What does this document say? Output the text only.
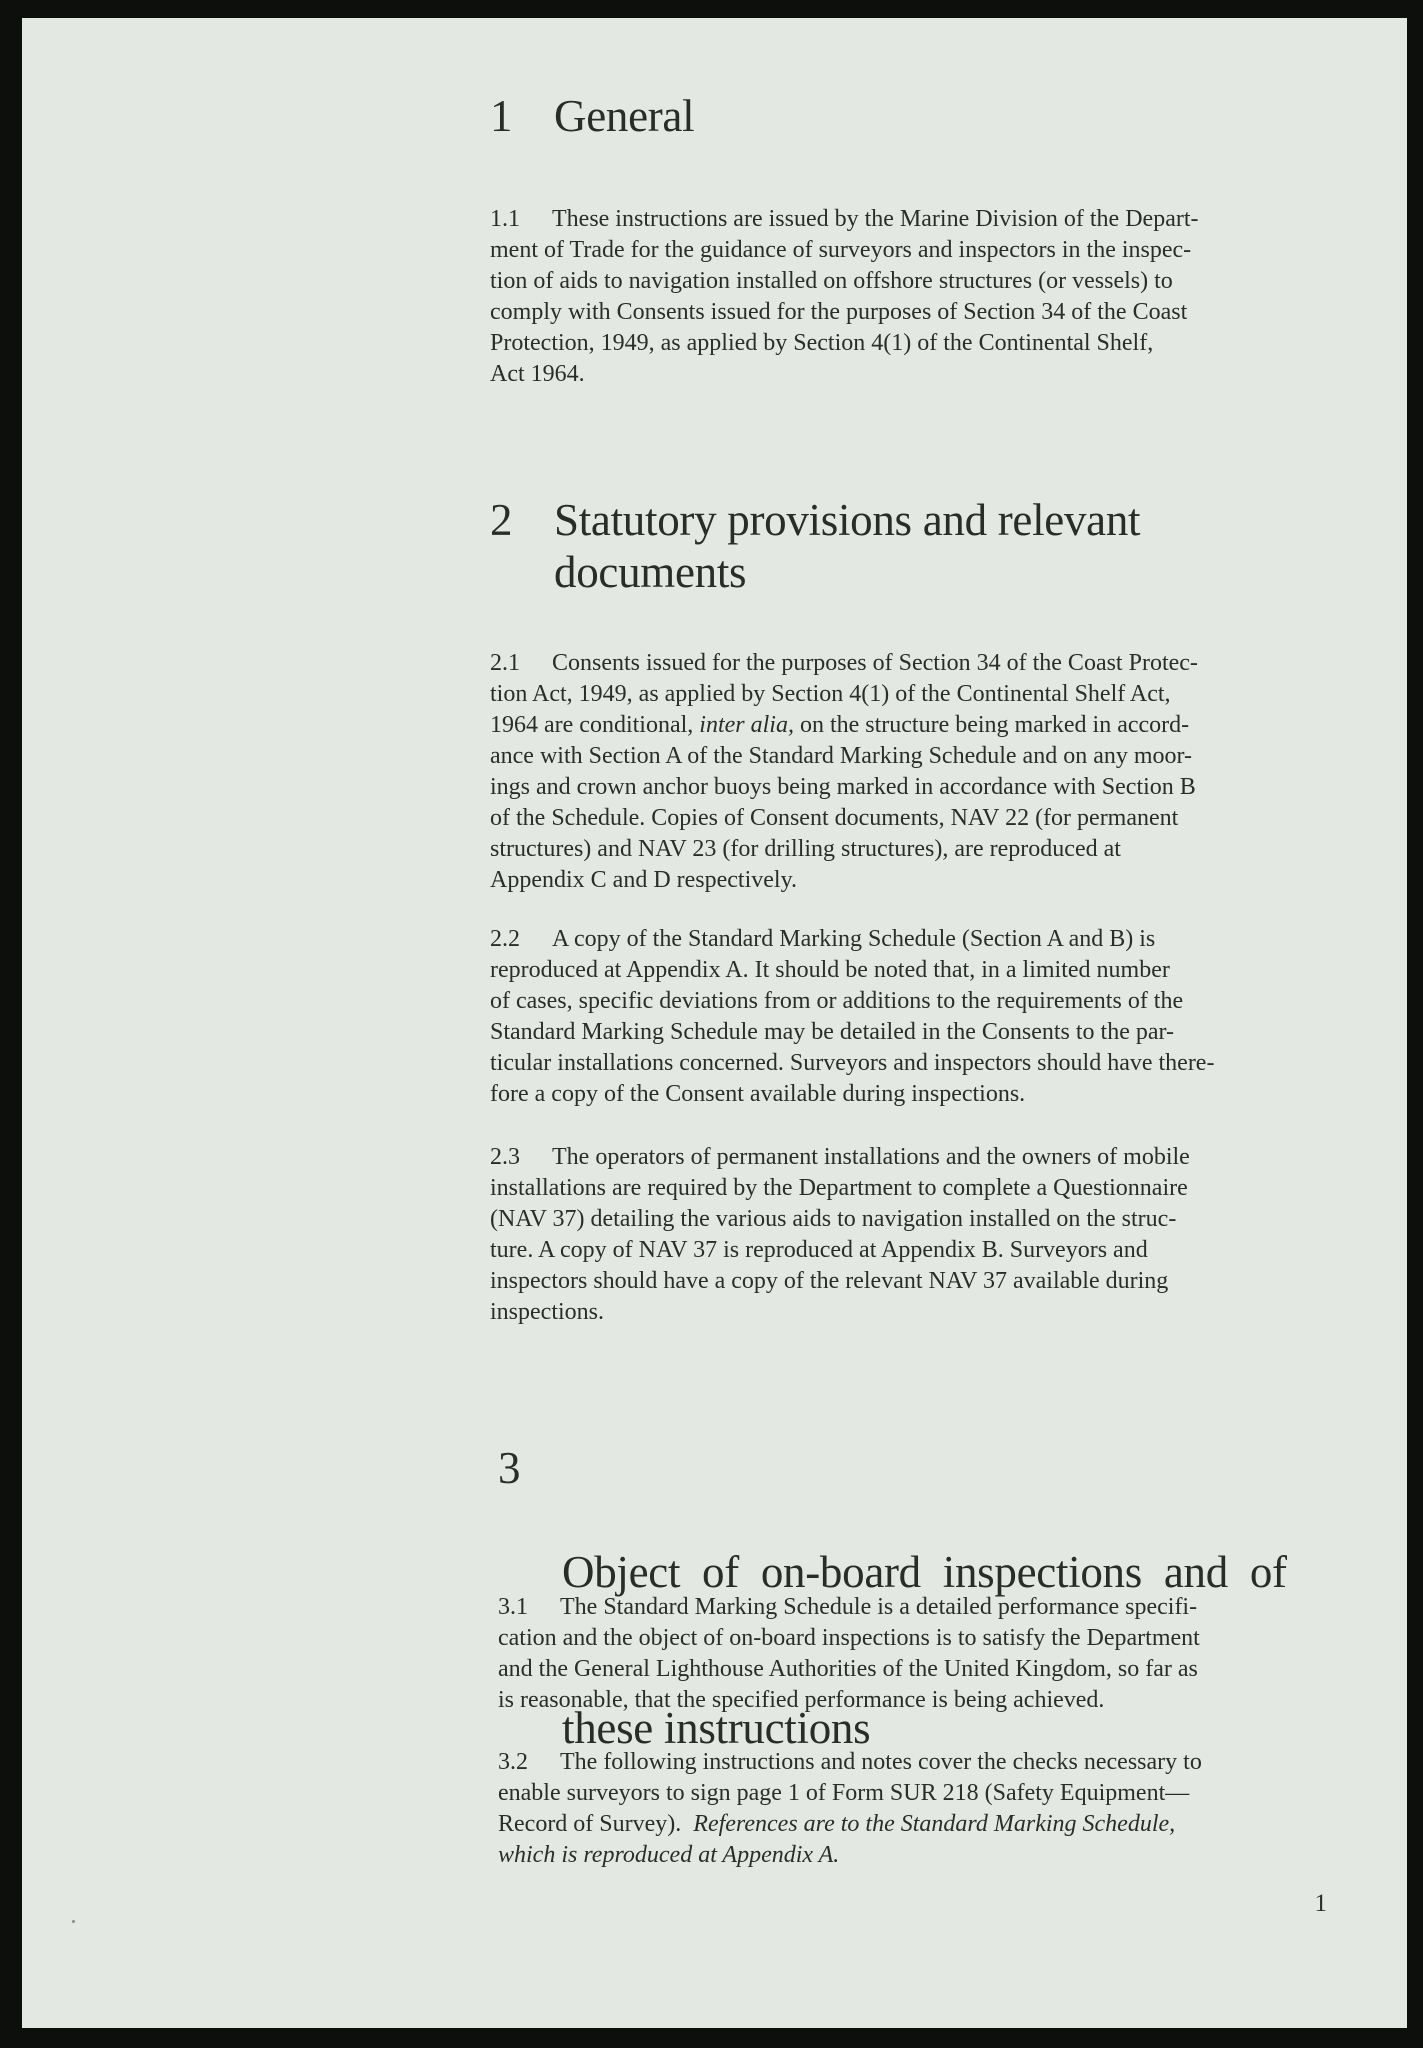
1 General
1.1 These instructions are issued by the Marine Division of the Depart-
ment of Trade for the guidance of surveyors and inspectors in the inspec-
tion of aids to navigation installed on offshore structures (or vessels) to
comply with Consents issued for the purposes of Section 34 of the Coast
Protection, 1949, as applied by Section 4(1) of the Continental Shelf,
Act 1964.
2 Statutory provisions and relevant
documents
2.1 Consents issued for the purposes of Section 34 of the Coast Protec-
tion Act, 1949, as applied by Section 4(1) of the Continental Shelf Act,
1964 are conditional, inter alia, on the structure being marked in accord-
ance with Section A of the Standard Marking Schedule and on any moor-
ings and crown anchor buoys being marked in accordance with Section B
of the Schedule. Copies of Consent documents, NAV 22 (for permanent
structures) and NAV 23 (for drilling structures), are reproduced at
Appendix C and D respectively.
2.2 A copy of the Standard Marking Schedule (Section A and B) is
reproduced at Appendix A. It should be noted that, in a limited number
of cases, specific deviations from or additions to the requirements of the
Standard Marking Schedule may be detailed in the Consents to the par-
ticular installations concerned. Surveyors and inspectors should have there-
fore a copy of the Consent available during inspections.
2.3 The operators of permanent installations and the owners of mobile
installations are required by the Department to complete a Questionnaire
(NAV 37) detailing the various aids to navigation installed on the struc-
ture. A copy of NAV 37 is reproduced at Appendix B. Surveyors and
inspectors should have a copy of the relevant NAV 37 available during
inspections.
3

Object  of  on-board  inspections  and  of

these instructions

3.1 The Standard Marking Schedule is a detailed performance specifi-
cation and the object of on-board inspections is to satisfy the Department
and the General Lighthouse Authorities of the United Kingdom, so far as
is reasonable, that the specified performance is being achieved.
3.2 The following instructions and notes cover the checks necessary to
enable surveyors to sign page 1 of Form SUR 218 (Safety Equipment—
Record of Survey).  References are to the Standard Marking Schedule,
which is reproduced at Appendix A.
1
